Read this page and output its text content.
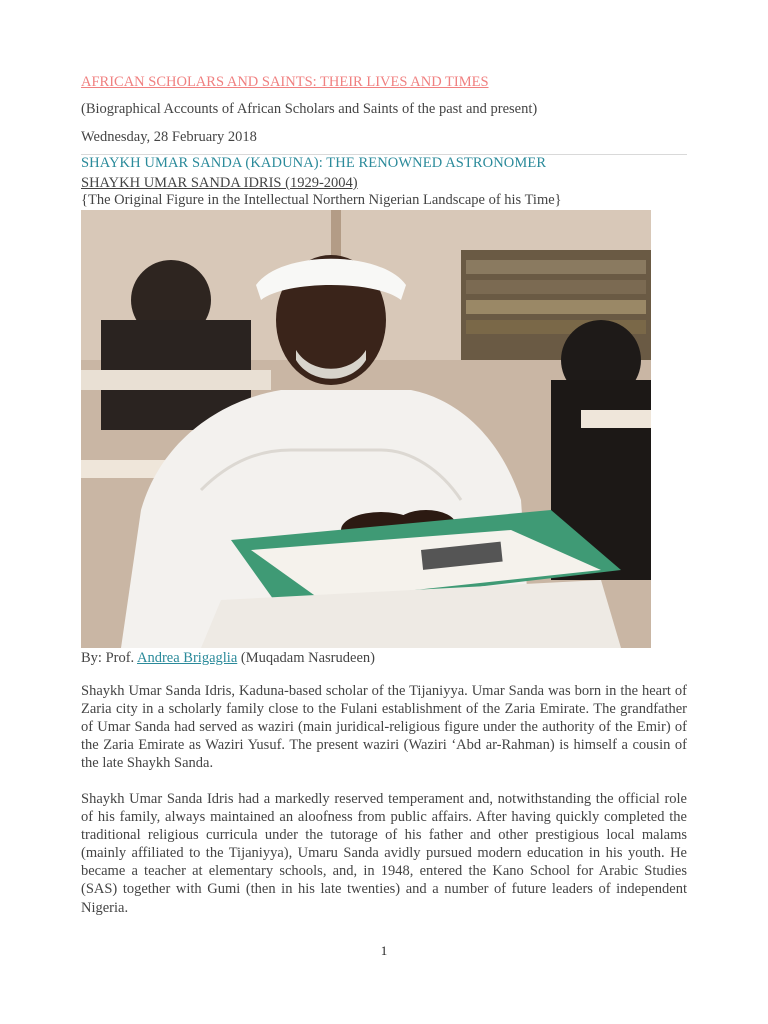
AFRICAN SCHOLARS AND SAINTS: THEIR LIVES AND TIMES
(Biographical Accounts of African Scholars and Saints of the past and present)
Wednesday, 28 February 2018
SHAYKH UMAR SANDA (KADUNA): THE RENOWNED ASTRONOMER
SHAYKH UMAR SANDA IDRIS (1929-2004)
{The Original Figure in the Intellectual Northern Nigerian Landscape of his Time}
By: Prof. Andrea Brigaglia (Muqadam Nasrudeen)

Shaykh Umar Sanda Idris, Kaduna-based scholar of the Tijaniyya. Umar Sanda was born in the heart of Zaria city in a scholarly family close to the Fulani establishment of the Zaria Emirate. The grandfather of Umar Sanda had served as waziri (main juridical-religious figure under the authority of the Emir) of the Zaria Emirate as Waziri Yusuf. The present waziri (Waziri ‘Abd ar-Rahman) is himself a cousin of the late Shaykh Sanda.

Shaykh Umar Sanda Idris had a markedly reserved temperament and, notwithstanding the official role of his family, always maintained an aloofness from public affairs. After having quickly completed the traditional religious curricula under the tutorage of his father and other prestigious local malams (mainly affiliated to the Tijaniyya), Umaru Sanda avidly pursued modern education in his youth. He became a teacher at elementary schools, and, in 1948, entered the Kano School for Arabic Studies (SAS) together with Gumi (then in his late twenties) and a number of future leaders of independent Nigeria.

1
